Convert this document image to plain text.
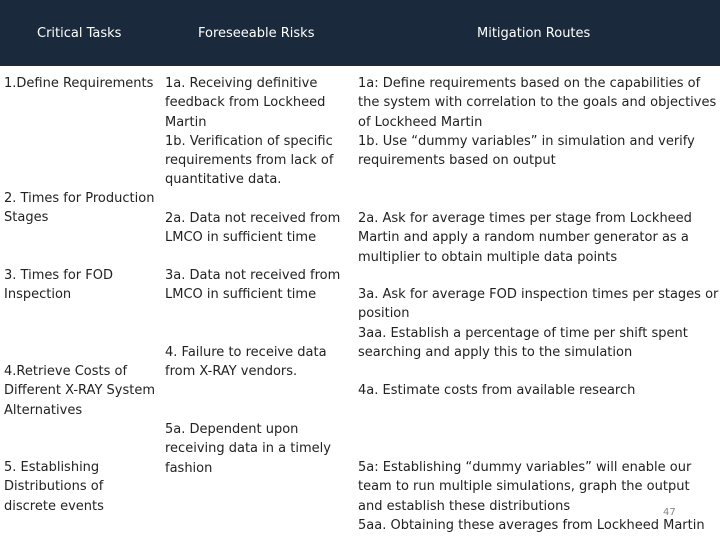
Critical Tasks	Foreseeable Risks	Mitigation Routes
1.Define Requirements
2. Times for Production
Stages
3. Times for FOD
Inspection
4.Retrieve Costs of
Different X-RAY System
Alternatives
5. Establishing
Distributions of
discrete events
1a. Receiving definitive
feedback from Lockheed
Martin
1b. Verification of specific
requirements from lack of
quantitative data.
2a. Data not received from
LMCO in sufficient time
3a. Data not received from
LMCO in sufficient time
4. Failure to receive data
from X-RAY vendors.
5a. Dependent upon
receiving data in a timely
fashion
1a: Define requirements based on the capabilities of
the system with correlation to the goals and objectives
of Lockheed Martin
1b. Use “dummy variables” in simulation and verify
requirements based on output
2a. Ask for average times per stage from Lockheed
Martin and apply a random number generator as a
multiplier to obtain multiple data points
3a. Ask for average FOD inspection times per stages or
position
3aa. Establish a percentage of time per shift spent
searching and apply this to the simulation
4a. Estimate costs from available research
5a: Establishing “dummy variables” will enable our
team to run multiple simulations, graph the output
and establish these distributions
5aa. Obtaining these averages from Lockheed Martin
47
